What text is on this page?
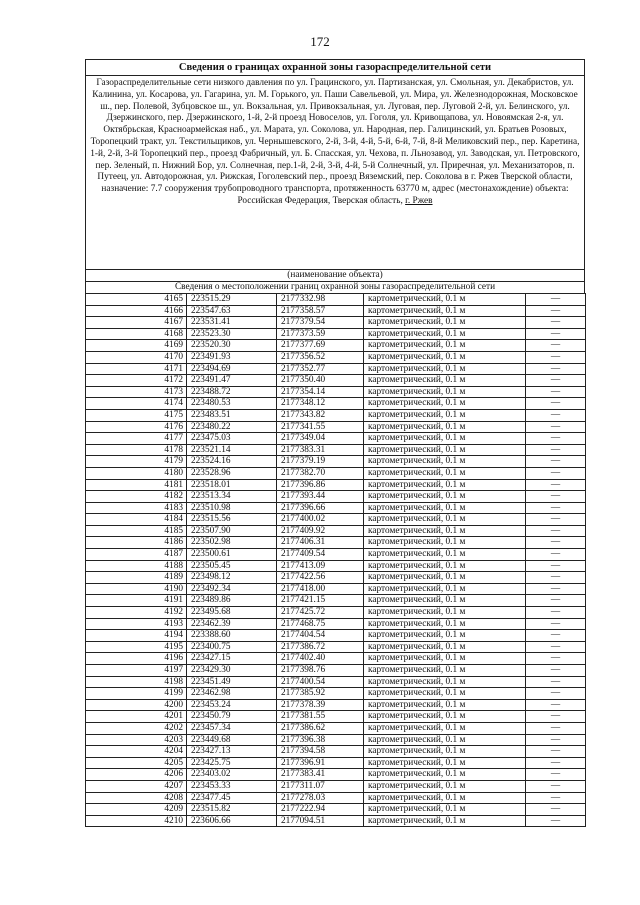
172
Сведения о границах охранной зоны газораспределительной сети
Газораспределительные сети низкого давления по ул. Грацинского, ул. Партизанская, ул. Смольная, ул. Декабристов, ул. Калинина, ул. Косарова, ул. Гагарина, ул. М. Горького, ул. Паши Савельевой, ул. Мира, ул. Железнодорожная, Московское ш., пер. Полевой, Зубцовское ш., ул. Вокзальная, ул. Привокзальная, ул. Луговая, пер. Луговой 2-й, ул. Белинского, ул. Дзержинского, пер. Дзержинского, 1-й, 2-й проезд Новоселов, ул. Гоголя, ул. Кривощапова, ул. Новоямская 2-я, ул. Октябрьская, Красноармейская наб., ул. Марата, ул. Соколова, ул. Народная, пер. Галицинский, ул. Братьев Розовых, Торопецкий тракт, ул. Текстильщиков, ул. Чернышевского, 2-й, 3-й, 4-й, 5-й, 6-й, 7-й, 8-й Меликовский пер., пер. Каретина, 1-й, 2-й, 3-й Торопецкий пер., проезд Фабричный, ул. Б. Спасская, ул. Чехова, п. Льнозавод, ул. Заводская, ул. Петровского, пер. Зеленый, п. Нижний Бор, ул. Солнечная, пер.1-й, 2-й, 3-й, 4-й, 5-й Солнечный, ул. Приречная, ул. Механизаторов, п. Путеец, ул. Автодорожная, ул. Рижская, Гоголевский пер., проезд Вяземский, пер. Соколова в г. Ржев Тверской области, назначение: 7.7 сооружения трубопроводного транспорта, протяженность 63770 м, адрес (местонахождение) объекта: Российская Федерация, Тверская область, г. Ржев
(наименование объекта)
Сведения о местоположении границ охранной зоны газораспределительной сети
4165	223515.29	2177332.98	картометрический, 0.1 м	—
4166	223547.63	2177358.57	картометрический, 0.1 м	—
4167	223531.41	2177379.54	картометрический, 0.1 м	—
4168	223523.30	2177373.59	картометрический, 0.1 м	—
4169	223520.30	2177377.69	картометрический, 0.1 м	—
4170	223491.93	2177356.52	картометрический, 0.1 м	—
4171	223494.69	2177352.77	картометрический, 0.1 м	—
4172	223491.47	2177350.40	картометрический, 0.1 м	—
4173	223488.72	2177354.14	картометрический, 0.1 м	—
4174	223480.53	2177348.12	картометрический, 0.1 м	—
4175	223483.51	2177343.82	картометрический, 0.1 м	—
4176	223480.22	2177341.55	картометрический, 0.1 м	—
4177	223475.03	2177349.04	картометрический, 0.1 м	—
4178	223521.14	2177383.31	картометрический, 0.1 м	—
4179	223524.16	2177379.19	картометрический, 0.1 м	—
4180	223528.96	2177382.70	картометрический, 0.1 м	—
4181	223518.01	2177396.86	картометрический, 0.1 м	—
4182	223513.34	2177393.44	картометрический, 0.1 м	—
4183	223510.98	2177396.66	картометрический, 0.1 м	—
4184	223515.56	2177400.02	картометрический, 0.1 м	—
4185	223507.90	2177409.92	картометрический, 0.1 м	—
4186	223502.98	2177406.31	картометрический, 0.1 м	—
4187	223500.61	2177409.54	картометрический, 0.1 м	—
4188	223505.45	2177413.09	картометрический, 0.1 м	—
4189	223498.12	2177422.56	картометрический, 0.1 м	—
4190	223492.34	2177418.00	картометрический, 0.1 м	—
4191	223489.86	2177421.15	картометрический, 0.1 м	—
4192	223495.68	2177425.72	картометрический, 0.1 м	—
4193	223462.39	2177468.75	картометрический, 0.1 м	—
4194	223388.60	2177404.54	картометрический, 0.1 м	—
4195	223400.75	2177386.72	картометрический, 0.1 м	—
4196	223427.15	2177402.40	картометрический, 0.1 м	—
4197	223429.30	2177398.76	картометрический, 0.1 м	—
4198	223451.49	2177400.54	картометрический, 0.1 м	—
4199	223462.98	2177385.92	картометрический, 0.1 м	—
4200	223453.24	2177378.39	картометрический, 0.1 м	—
4201	223450.79	2177381.55	картометрический, 0.1 м	—
4202	223457.34	2177386.62	картометрический, 0.1 м	—
4203	223449.68	2177396.38	картометрический, 0.1 м	—
4204	223427.13	2177394.58	картометрический, 0.1 м	—
4205	223425.75	2177396.91	картометрический, 0.1 м	—
4206	223403.02	2177383.41	картометрический, 0.1 м	—
4207	223453.33	2177311.07	картометрический, 0.1 м	—
4208	223477.45	2177278.03	картометрический, 0.1 м	—
4209	223515.82	2177222.94	картометрический, 0.1 м	—
4210	223606.66	2177094.51	картометрический, 0.1 м	—
